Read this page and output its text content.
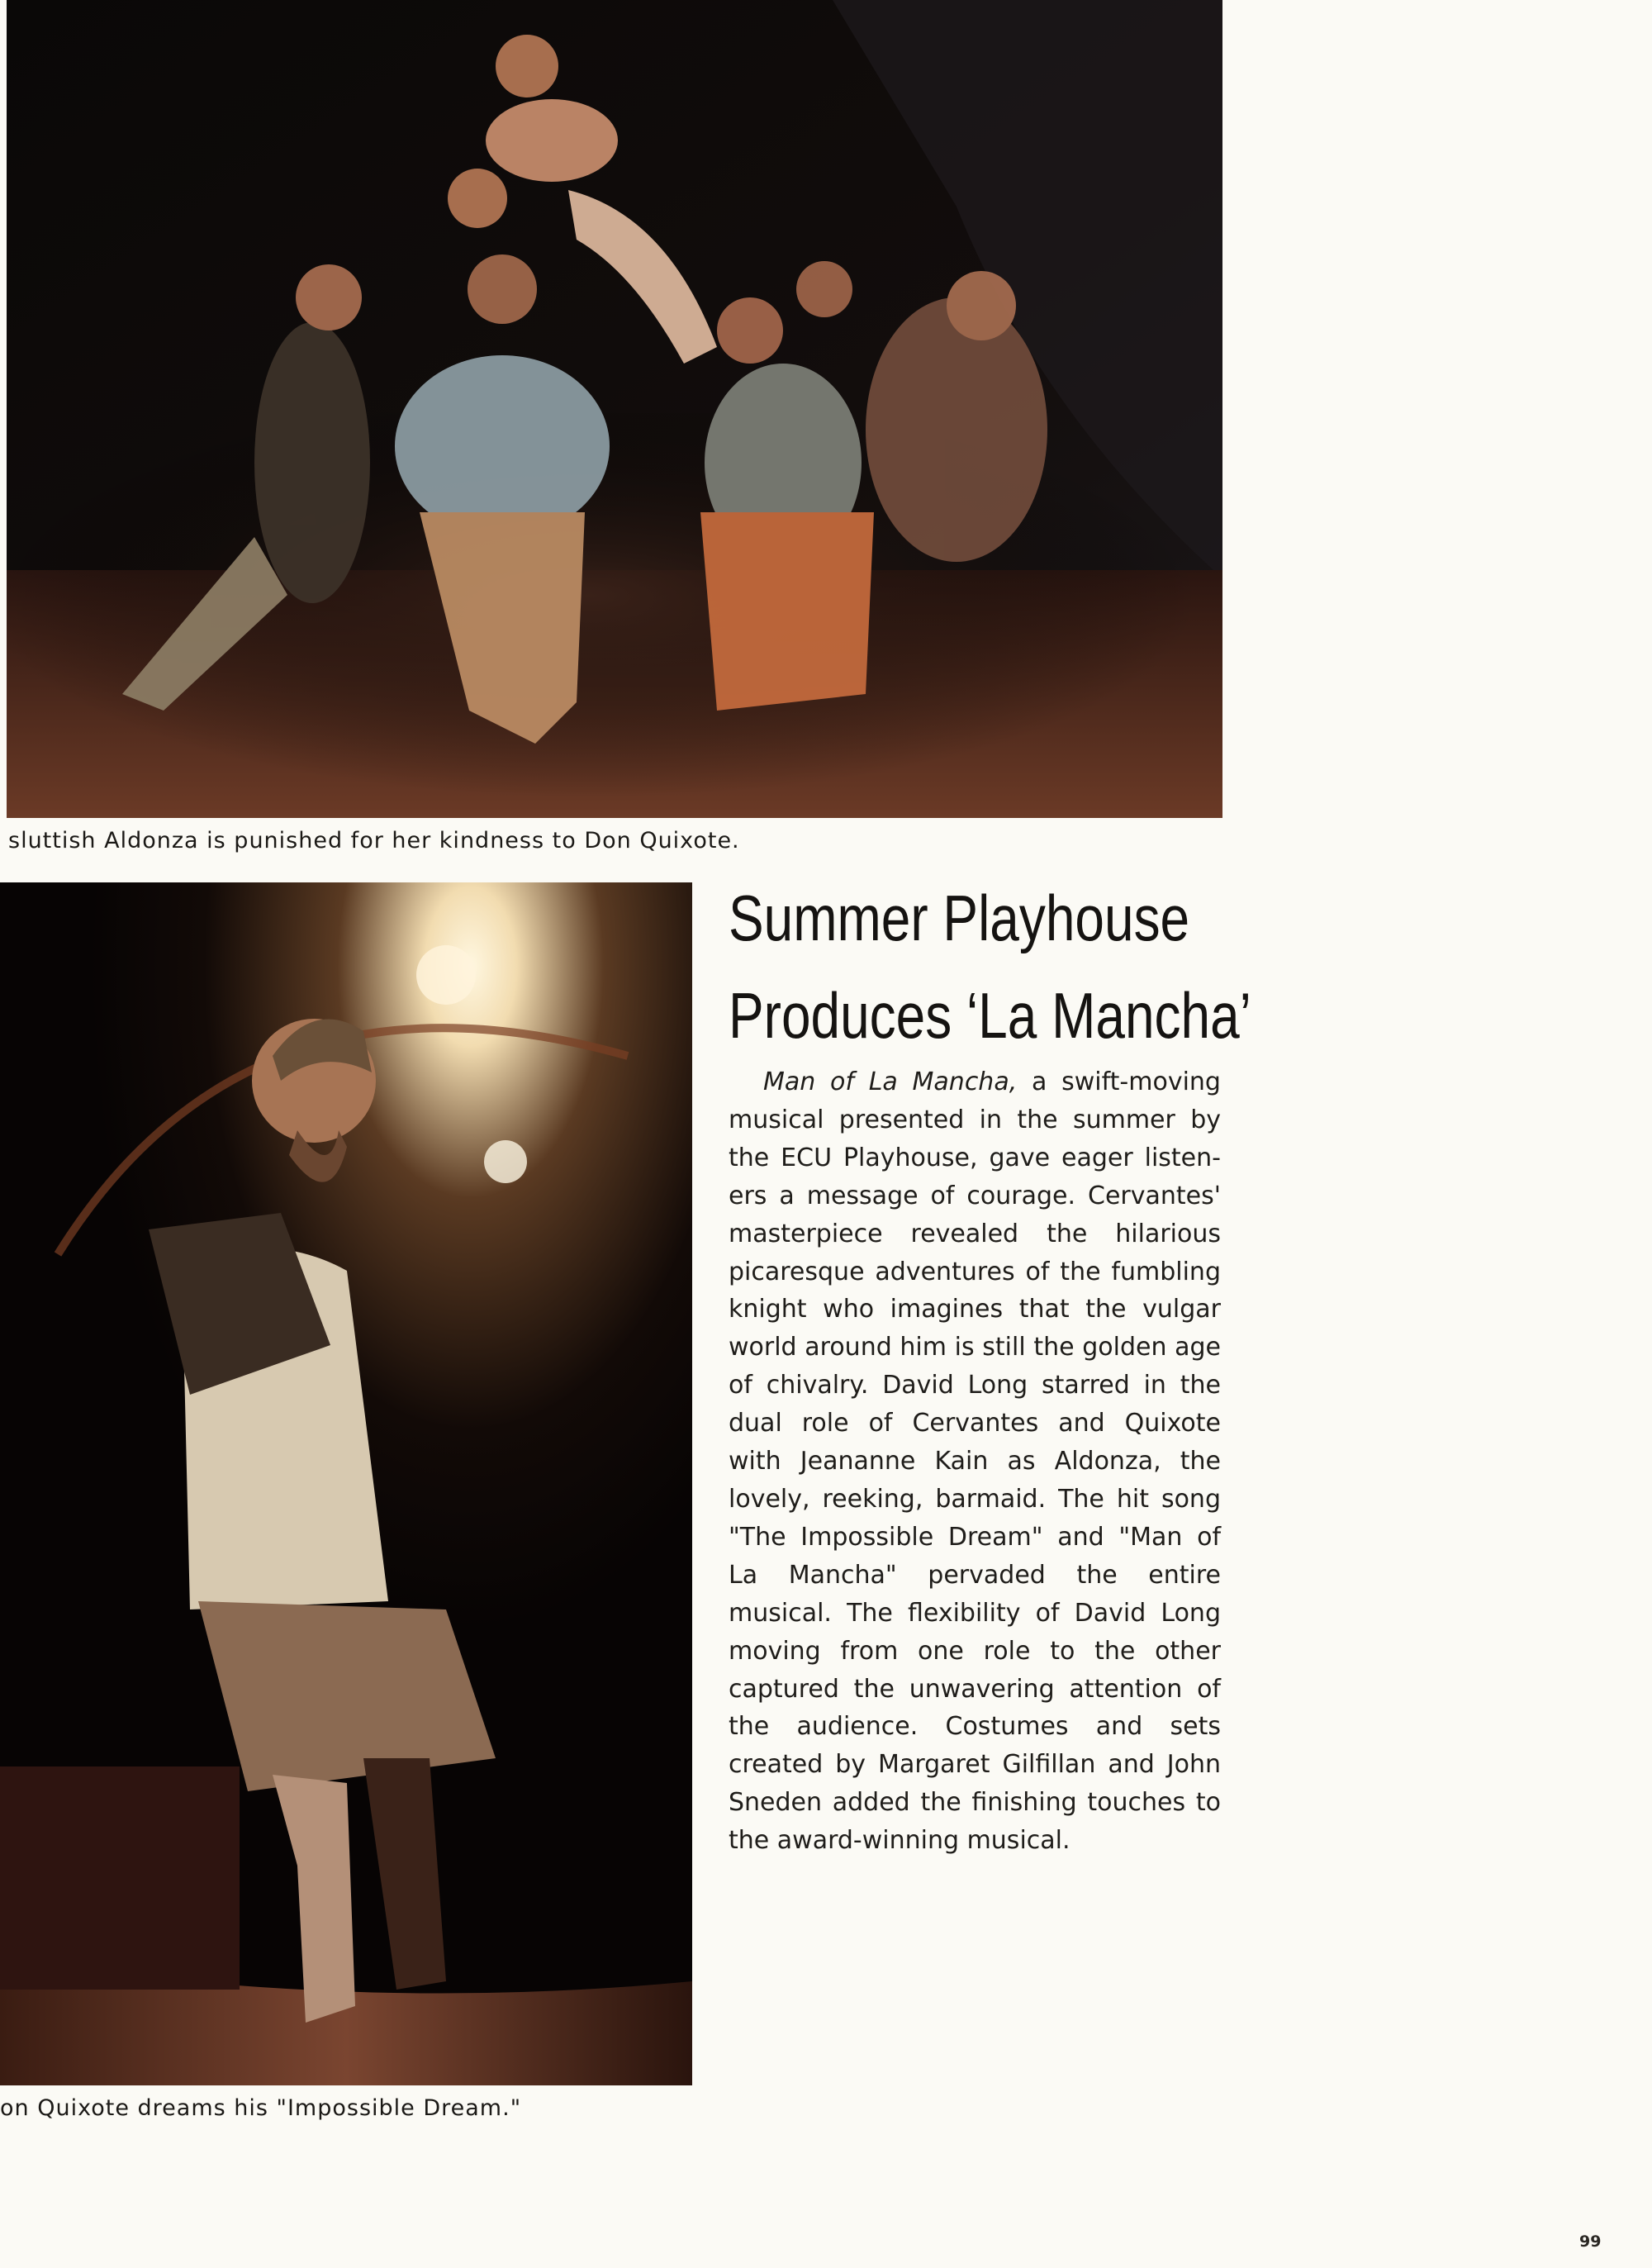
sluttish Aldonza is punished for her kindness to Don Quixote.
on Quixote dreams his "Impossible Dream."
Summer Playhouse
Produces ‘La Mancha’

Man of La Mancha, a swift-moving musical presented in the summer by the ECU Playhouse, gave eager listeners a message of courage. Cervantes' masterpiece revealed the hilarious picaresque adventures of the fumbling knight who imagines that the vulgar world around him is still the golden age of chivalry. David Long starred in the dual role of Cervantes and Quixote with Jeananne Kain as Aldonza, the lovely, reeking, barmaid. The hit song "The Impossible Dream" and "Man of La Mancha" pervaded the entire musical. The flexibility of David Long moving from one role to the other captured the unwavering attention of the audience. Costumes and sets created by Margaret Gilfillan and John Sneden added the finishing touches to the award-winning musical.

99
